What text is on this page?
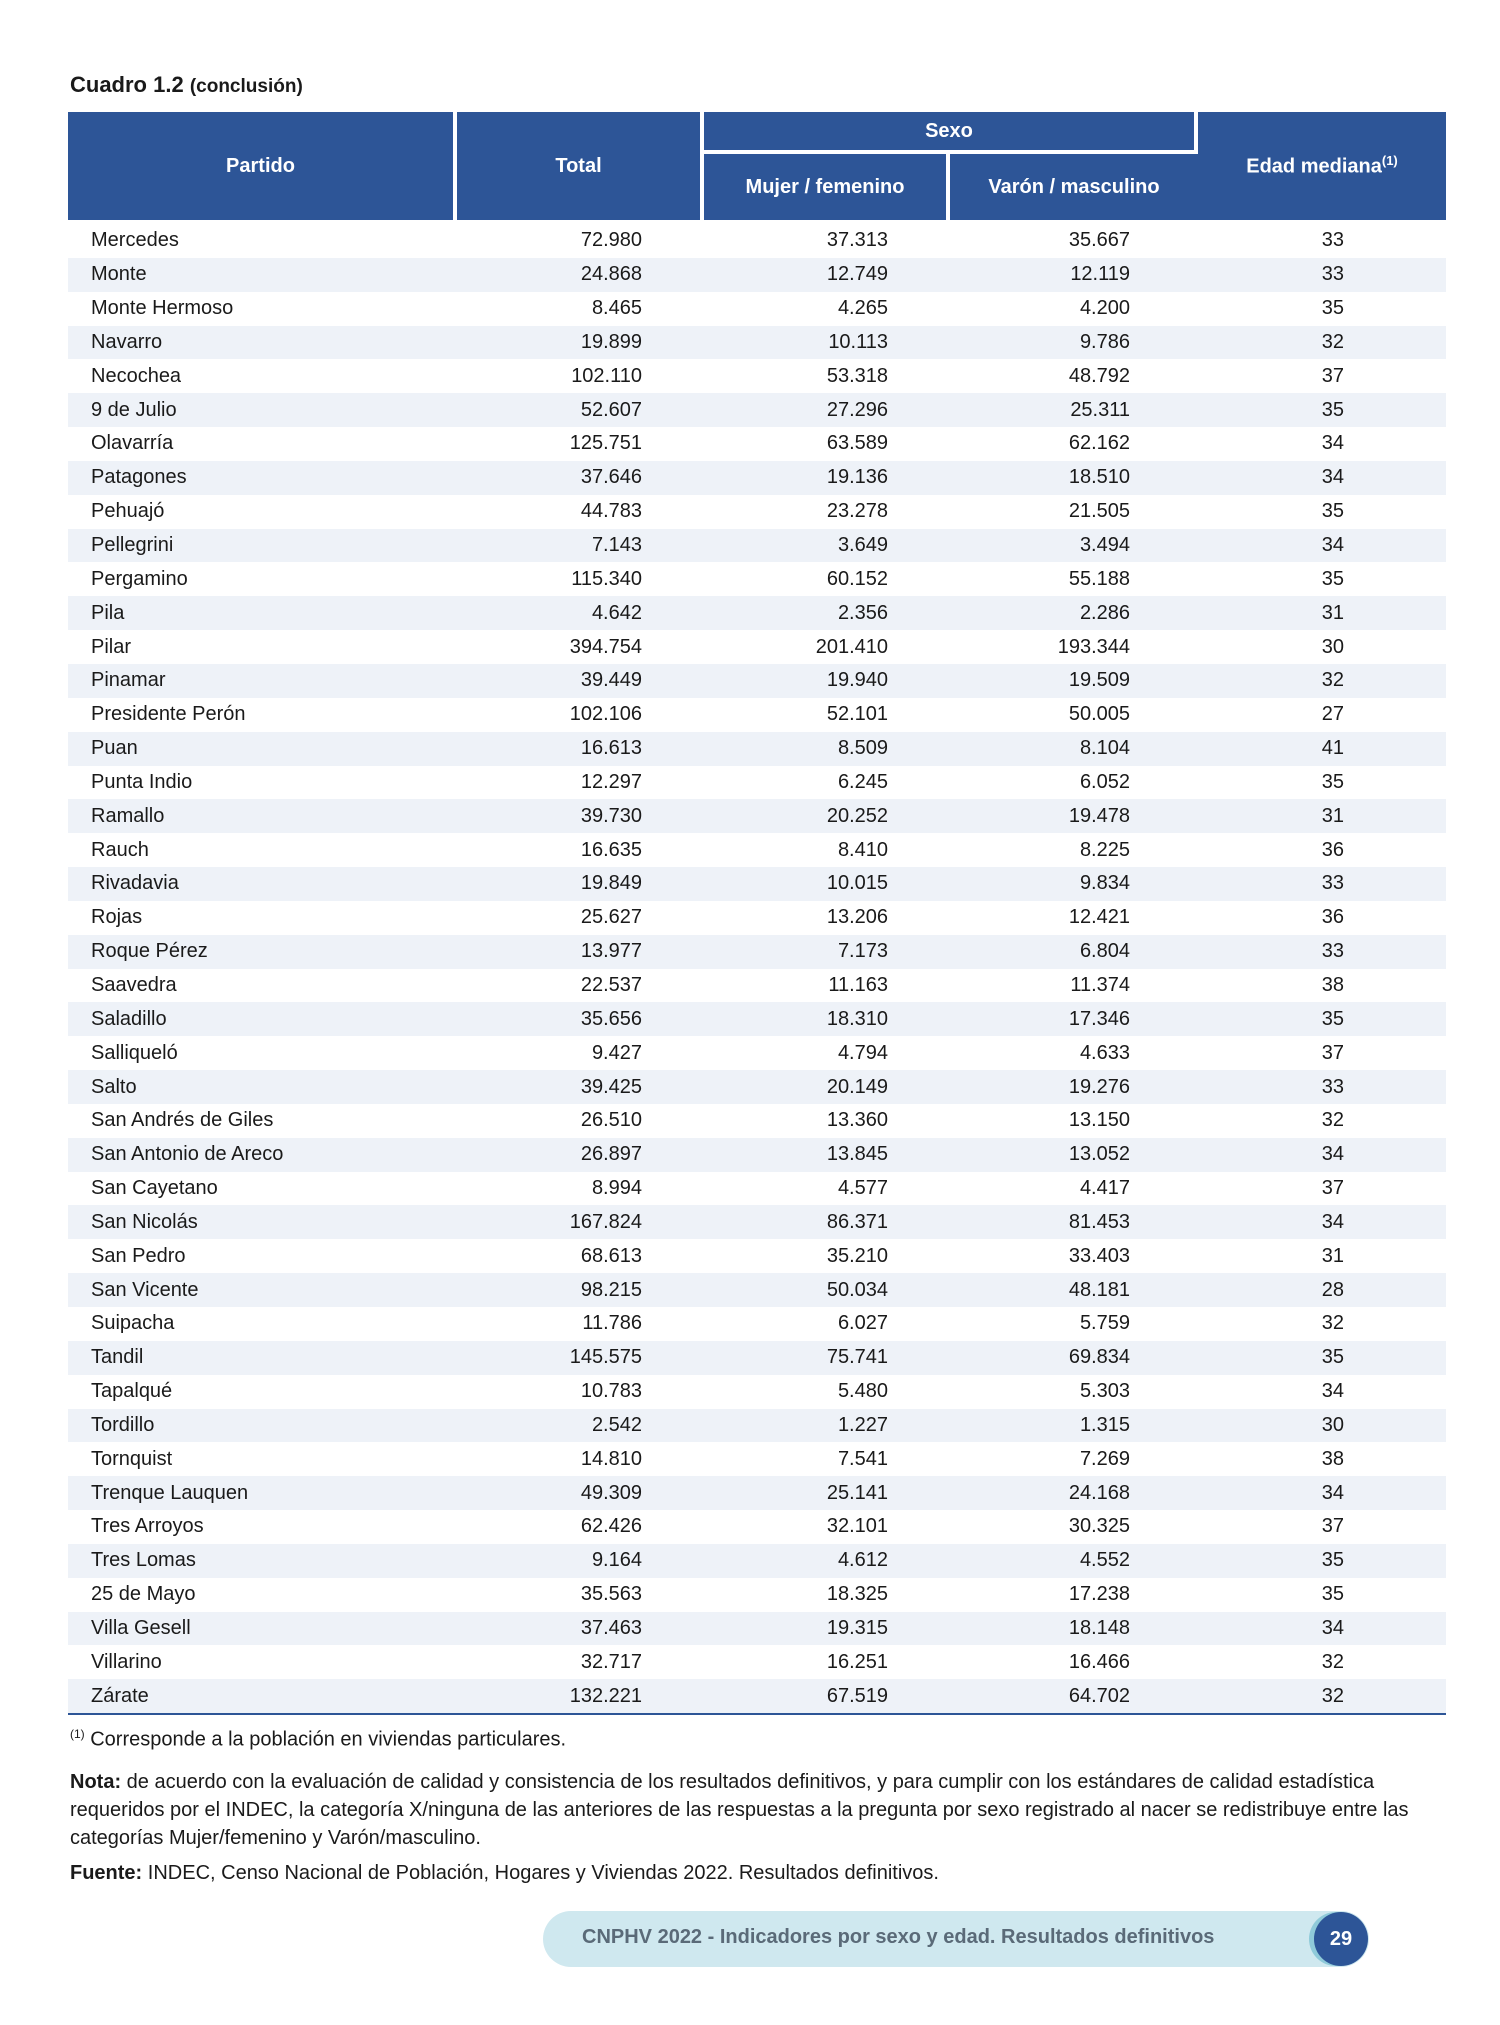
Cuadro 1.2 (conclusión)
Partido	Total	Sexo		Edad mediana$^{(1)}$
		Mujer / femenino	Varón / masculino	
Mercedes	72.980	37.313	35.667	33
Monte	24.868	12.749	12.119	33
Monte Hermoso	8.465	4.265	4.200	35
Navarro	19.899	10.113	9.786	32
Necochea	102.110	53.318	48.792	37
9 de Julio	52.607	27.296	25.311	35
Olavarría	125.751	63.589	62.162	34
Patagones	37.646	19.136	18.510	34
Pehuajó	44.783	23.278	21.505	35
Pellegrini	7.143	3.649	3.494	34
Pergamino	115.340	60.152	55.188	35
Pila	4.642	2.356	2.286	31
Pilar	394.754	201.410	193.344	30
Pinamar	39.449	19.940	19.509	32
Presidente Perón	102.106	52.101	50.005	27
Puan	16.613	8.509	8.104	41
Punta Indio	12.297	6.245	6.052	35
Ramallo	39.730	20.252	19.478	31
Rauch	16.635	8.410	8.225	36
Rivadavia	19.849	10.015	9.834	33
Rojas	25.627	13.206	12.421	36
Roque Pérez	13.977	7.173	6.804	33
Saavedra	22.537	11.163	11.374	38
Saladillo	35.656	18.310	17.346	35
Salliqueló	9.427	4.794	4.633	37
Salto	39.425	20.149	19.276	33
San Andrés de Giles	26.510	13.360	13.150	32
San Antonio de Areco	26.897	13.845	13.052	34
San Cayetano	8.994	4.577	4.417	37
San Nicolás	167.824	86.371	81.453	34
San Pedro	68.613	35.210	33.403	31
San Vicente	98.215	50.034	48.181	28
Suipacha	11.786	6.027	5.759	32
Tandil	145.575	75.741	69.834	35
Tapalqué	10.783	5.480	5.303	34
Tordillo	2.542	1.227	1.315	30
Tornquist	14.810	7.541	7.269	38
Trenque Lauquen	49.309	25.141	24.168	34
Tres Arroyos	62.426	32.101	30.325	37
Tres Lomas	9.164	4.612	4.552	35
25 de Mayo	35.563	18.325	17.238	35
Villa Gesell	37.463	19.315	18.148	34
Villarino	32.717	16.251	16.466	32
Zárate	132.221	67.519	64.702	32
$^{(1)}$ Corresponde a la población en viviendas particulares.
Nota: de acuerdo con la evaluación de calidad y consistencia de los resultados definitivos, y para cumplir con los estándares de calidad estadística requeridos por el INDEC, la categoría X/ninguna de las anteriores de las respuestas a la pregunta por sexo registrado al nacer se redistribuye entre las categorías Mujer/femenino y Varón/masculino.
Fuente: INDEC, Censo Nacional de Población, Hogares y Viviendas 2022. Resultados definitivos.
CNPHV 2022 - Indicadores por sexo y edad. Resultados definitivos	29
